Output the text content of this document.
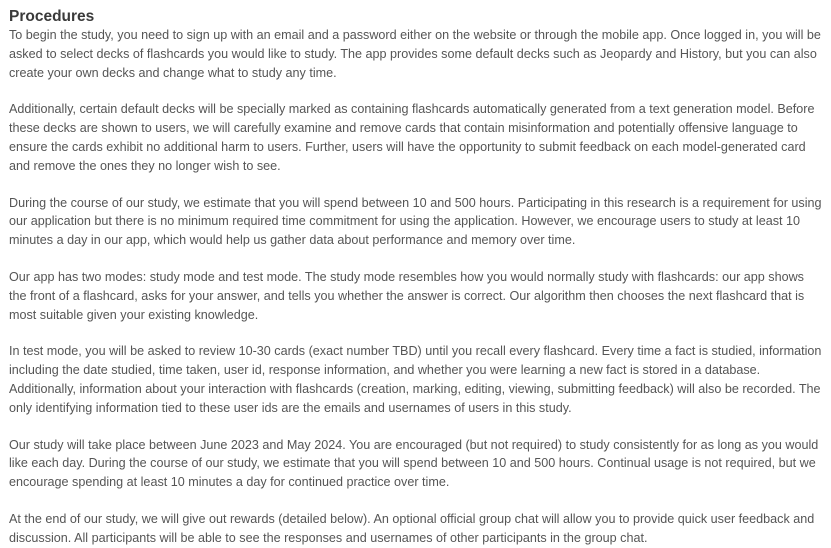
Procedures

To begin the study, you need to sign up with an email and a password either on the website or through the mobile app. Once logged in, you will be asked to select decks of flashcards you would like to study. The app provides some default decks such as Jeopardy and History, but you can also create your own decks and change what to study any time.

Additionally, certain default decks will be specially marked as containing flashcards automatically generated from a text generation model. Before these decks are shown to users, we will carefully examine and remove cards that contain misinformation and potentially offensive language to ensure the cards exhibit no additional harm to users. Further, users will have the opportunity to submit feedback on each model-generated card and remove the ones they no longer wish to see.

During the course of our study, we estimate that you will spend between 10 and 500 hours. Participating in this research is a requirement for using our application but there is no minimum required time commitment for using the application. However, we encourage users to study at least 10 minutes a day in our app, which would help us gather data about performance and memory over time.

Our app has two modes: study mode and test mode. The study mode resembles how you would normally study with flashcards: our app shows the front of a flashcard, asks for your answer, and tells you whether the answer is correct. Our algorithm then chooses the next flashcard that is most suitable given your existing knowledge.

In test mode, you will be asked to review 10-30 cards (exact number TBD) until you recall every flashcard. Every time a fact is studied, information including the date studied, time taken, user id, response information, and whether you were learning a new fact is stored in a database. Additionally, information about your interaction with flashcards (creation, marking, editing, viewing, submitting feedback) will also be recorded. The only identifying information tied to these user ids are the emails and usernames of users in this study.

Our study will take place between June 2023 and May 2024. You are encouraged (but not required) to study consistently for as long as you would like each day. During the course of our study, we estimate that you will spend between 10 and 500 hours. Continual usage is not required, but we encourage spending at least 10 minutes a day for continued practice over time.

At the end of our study, we will give out rewards (detailed below). An optional official group chat will allow you to provide quick user feedback and discussion. All participants will be able to see the responses and usernames of other participants in the group chat.
